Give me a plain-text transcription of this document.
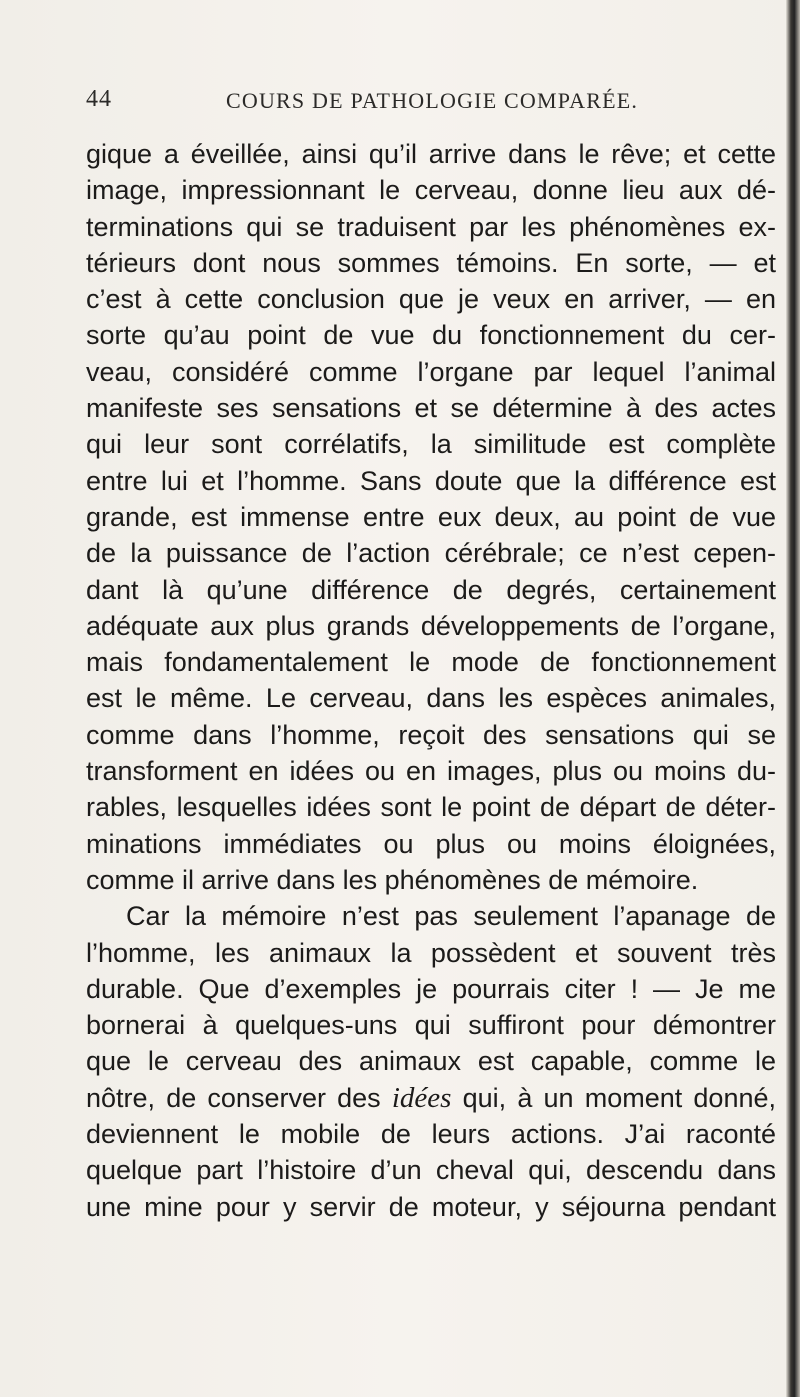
44	COURS DE PATHOLOGIE COMPARÉE.
gique a éveillée, ainsi qu’il arrive dans le rêve; et cette
image, impressionnant le cerveau, donne lieu aux dé-
terminations qui se traduisent par les phénomènes ex-
térieurs dont nous sommes témoins. En sorte, — et
c’est à cette conclusion que je veux en arriver, — en
sorte qu’au point de vue du fonctionnement du cer-
veau, considéré comme l’organe par lequel l’animal
manifeste ses sensations et se détermine à des actes
qui leur sont corrélatifs, la similitude est complète
entre lui et l’homme. Sans doute que la différence est
grande, est immense entre eux deux, au point de vue
de la puissance de l’action cérébrale; ce n’est cepen-
dant là qu’une différence de degrés, certainement
adéquate aux plus grands développements de l’organe,
mais fondamentalement le mode de fonctionnement
est le même. Le cerveau, dans les espèces animales,
comme dans l’homme, reçoit des sensations qui se
transforment en idées ou en images, plus ou moins du-
rables, lesquelles idées sont le point de départ de déter-
minations immédiates ou plus ou moins éloignées,
comme il arrive dans les phénomènes de mémoire.
Car la mémoire n’est pas seulement l’apanage de
l’homme, les animaux la possèdent et souvent très
durable. Que d’exemples je pourrais citer ! — Je me
bornerai à quelques-uns qui suffiront pour démontrer
que le cerveau des animaux est capable, comme le
nôtre, de conserver des idées qui, à un moment donné,
deviennent le mobile de leurs actions. J’ai raconté
quelque part l’histoire d’un cheval qui, descendu dans
une mine pour y servir de moteur, y séjourna pendant
